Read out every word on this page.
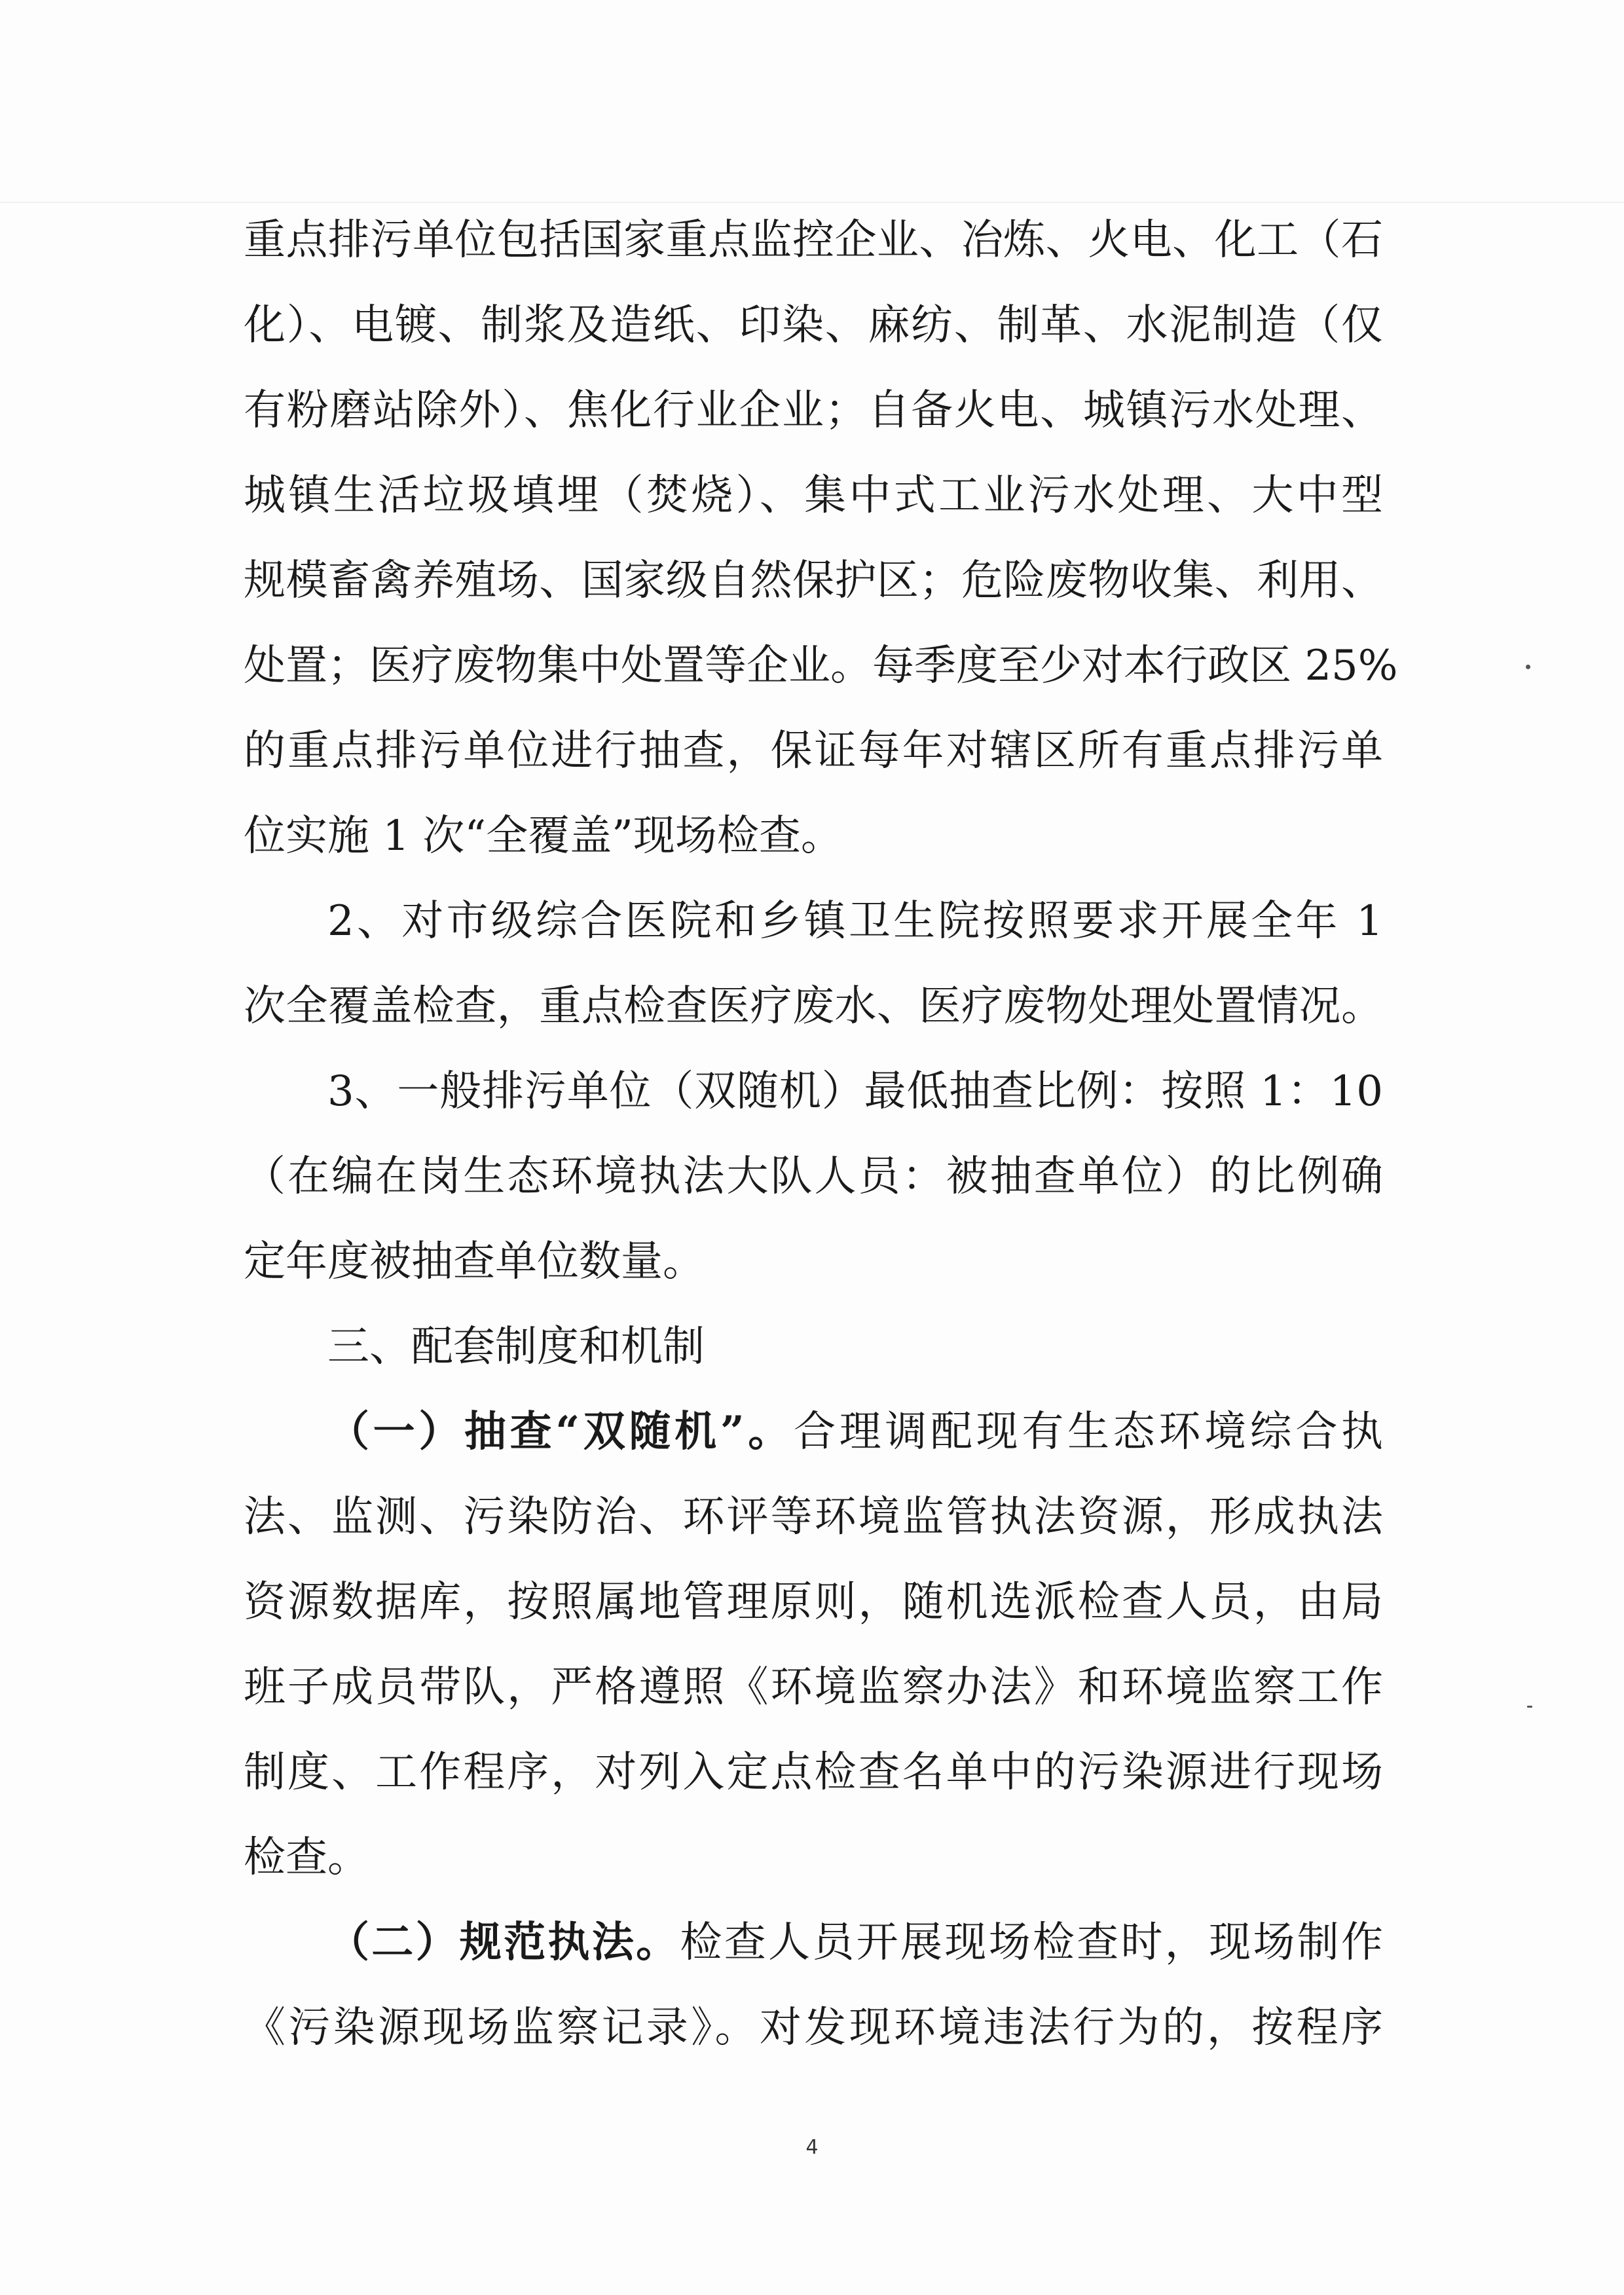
重点排污单位包括国家重点监控企业、冶炼、火电、化工（石
化）、电镀、制浆及造纸、印染、麻纺、制革、水泥制造（仅
有粉磨站除外）、焦化行业企业；自备火电、城镇污水处理、
城镇生活垃圾填埋（焚烧）、集中式工业污水处理、大中型
规模畜禽养殖场、国家级自然保护区；危险废物收集、利用、
处置；医疗废物集中处置等企业。每季度至少对本行政区 25%
的重点排污单位进行抽查，保证每年对辖区所有重点排污单
位实施 1 次“全覆盖”现场检查。
2、对市级综合医院和乡镇卫生院按照要求开展全年 1
次全覆盖检查，重点检查医疗废水、医疗废物处理处置情况。
3、一般排污单位（双随机）最低抽查比例：按照 1：10
（在编在岗生态环境执法大队人员：被抽查单位）的比例确
定年度被抽查单位数量。
三、配套制度和机制
（一）抽查“双随机”。合理调配现有生态环境综合执
法、监测、污染防治、环评等环境监管执法资源，形成执法
资源数据库，按照属地管理原则，随机选派检查人员，由局
班子成员带队，严格遵照《环境监察办法》和环境监察工作
制度、工作程序，对列入定点检查名单中的污染源进行现场
检查。
（二）规范执法。检查人员开展现场检查时，现场制作
《污染源现场监察记录》。对发现环境违法行为的，按程序
4
